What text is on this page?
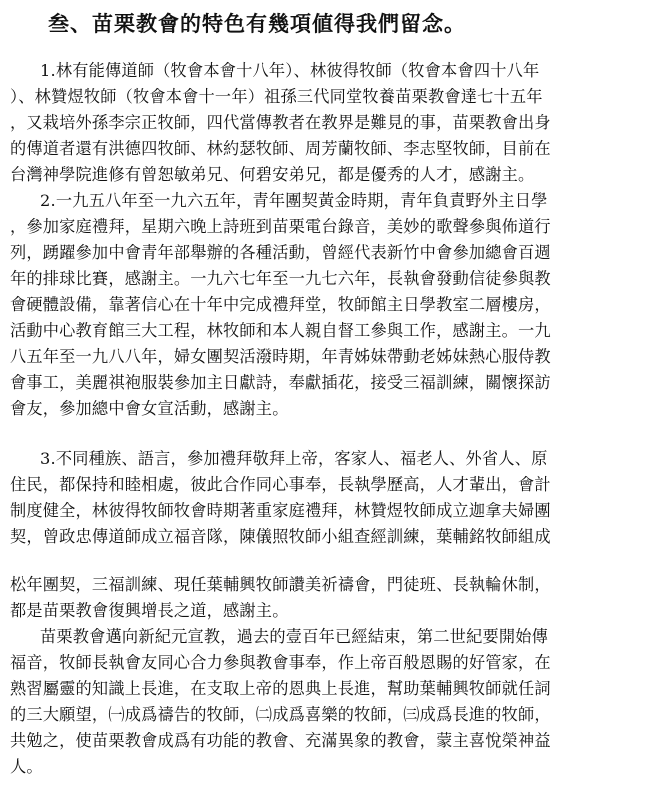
叁、苗栗教會的特色有幾項値得我們留念。
1.林有能傳道師（牧會本會十八年）、林彼得牧師（牧會本會四十八年
）、林贊煜牧師（牧會本會十一年）祖孫三代同堂牧養苗栗教會達七十五年
，又栽培外孫李宗正牧師，四代當傳教者在教界是難見的事，苗栗教會出身
的傳道者還有洪德四牧師、林約瑟牧師、周芳蘭牧師、李志堅牧師，目前在
台灣神學院進修有曾恕敏弟兄、何碧安弟兄，都是優秀的人才，感謝主。
2.一九五八年至一九六五年，青年團契黃金時期，青年負責野外主日學
，參加家庭禮拜，星期六晚上詩班到苗栗電台錄音，美妙的歌聲參與佈道行
列，踴躍參加中會青年部舉辦的各種活動，曾經代表新竹中會參加總會百週
年的排球比賽，感謝主。一九六七年至一九七六年，長執會發動信徒參與教
會硬體設備，靠著信心在十年中完成禮拜堂，牧師館主日學教室二層樓房，
活動中心教育館三大工程，林牧師和本人親自督工參與工作，感謝主。一九
八五年至一九八八年，婦女團契活潑時期，年青姊妹帶動老姊妹熱心服侍教
會事工，美麗祺袍服裝參加主日獻詩，奉獻插花，接受三福訓練，關懷探訪
會友，參加總中會女宣活動，感謝主。
3.不同種族、語言，參加禮拜敬拜上帝，客家人、福老人、外省人、原
住民，都保持和睦相處，彼此合作同心事奉，長執學歷高，人才輩出，會計
制度健全，林彼得牧師牧會時期著重家庭禮拜，林贊煜牧師成立迦拿夫婦團
契，曾政忠傳道師成立福音隊，陳儀照牧師小組查經訓練，葉輔銘牧師組成
松年團契，三福訓練、現任葉輔興牧師讚美祈禱會，門徒班、長執輪休制，
都是苗栗教會復興增長之道，感謝主。
苗栗教會邁向新紀元宣教，過去的壹百年已經結束，第二世紀要開始傳
福音，牧師長執會友同心合力參與教會事奉，作上帝百般恩賜的好管家，在
熟習屬靈的知識上長進，在支取上帝的恩典上長進，幫助葉輔興牧師就任詞
的三大願望，㈠成爲禱告的牧師，㈡成爲喜樂的牧師，㈢成爲長進的牧師，
共勉之，使苗栗教會成爲有功能的教會、充滿異象的教會，蒙主喜悅榮神益
人。
